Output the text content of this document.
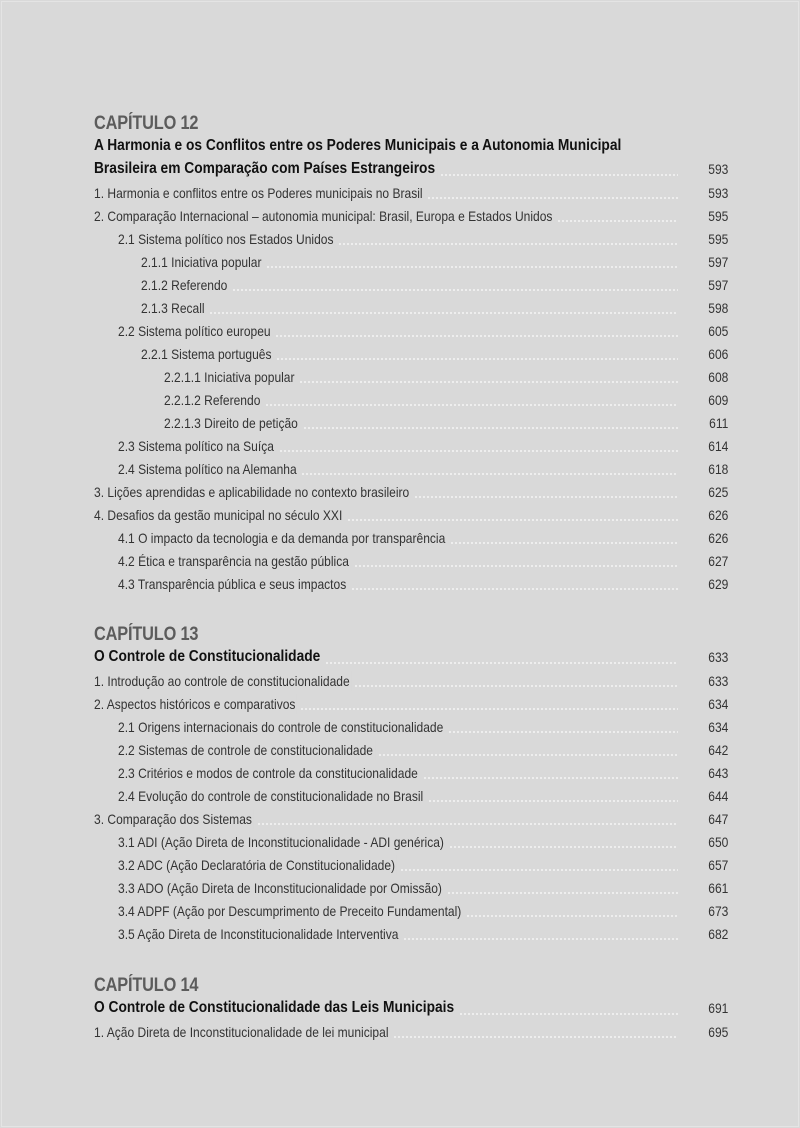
CAPÍTULO 12
A Harmonia e os Conflitos entre os Poderes Municipais e a Autonomia Municipal
Brasileira em Comparação com Países Estrangeiros	593
1. Harmonia e conflitos entre os Poderes municipais no Brasil	593
2. Comparação Internacional – autonomia municipal: Brasil, Europa e Estados Unidos	595
2.1 Sistema político nos Estados Unidos	595
2.1.1 Iniciativa popular	597
2.1.2 Referendo	597
2.1.3 Recall	598
2.2 Sistema político europeu	605
2.2.1 Sistema português	606
2.2.1.1 Iniciativa popular	608
2.2.1.2 Referendo	609
2.2.1.3 Direito de petição	611
2.3 Sistema político na Suíça	614
2.4 Sistema político na Alemanha	618
3. Lições aprendidas e aplicabilidade no contexto brasileiro	625
4. Desafios da gestão municipal no século XXI	626
4.1 O impacto da tecnologia e da demanda por transparência	626
4.2 Ética e transparência na gestão pública	627
4.3 Transparência pública e seus impactos	629
CAPÍTULO 13
O Controle de Constitucionalidade	633
1. Introdução ao controle de constitucionalidade	633
2. Aspectos históricos e comparativos	634
2.1 Origens internacionais do controle de constitucionalidade	634
2.2 Sistemas de controle de constitucionalidade	642
2.3 Critérios e modos de controle da constitucionalidade	643
2.4 Evolução do controle de constitucionalidade no Brasil	644
3. Comparação dos Sistemas	647
3.1 ADI (Ação Direta de Inconstitucionalidade - ADI genérica)	650
3.2 ADC (Ação Declaratória de Constitucionalidade)	657
3.3 ADO (Ação Direta de Inconstitucionalidade por Omissão)	661
3.4 ADPF (Ação por Descumprimento de Preceito Fundamental)	673
3.5 Ação Direta de Inconstitucionalidade Interventiva	682
CAPÍTULO 14
O Controle de Constitucionalidade das Leis Municipais	691
1. Ação Direta de Inconstitucionalidade de lei municipal	695
